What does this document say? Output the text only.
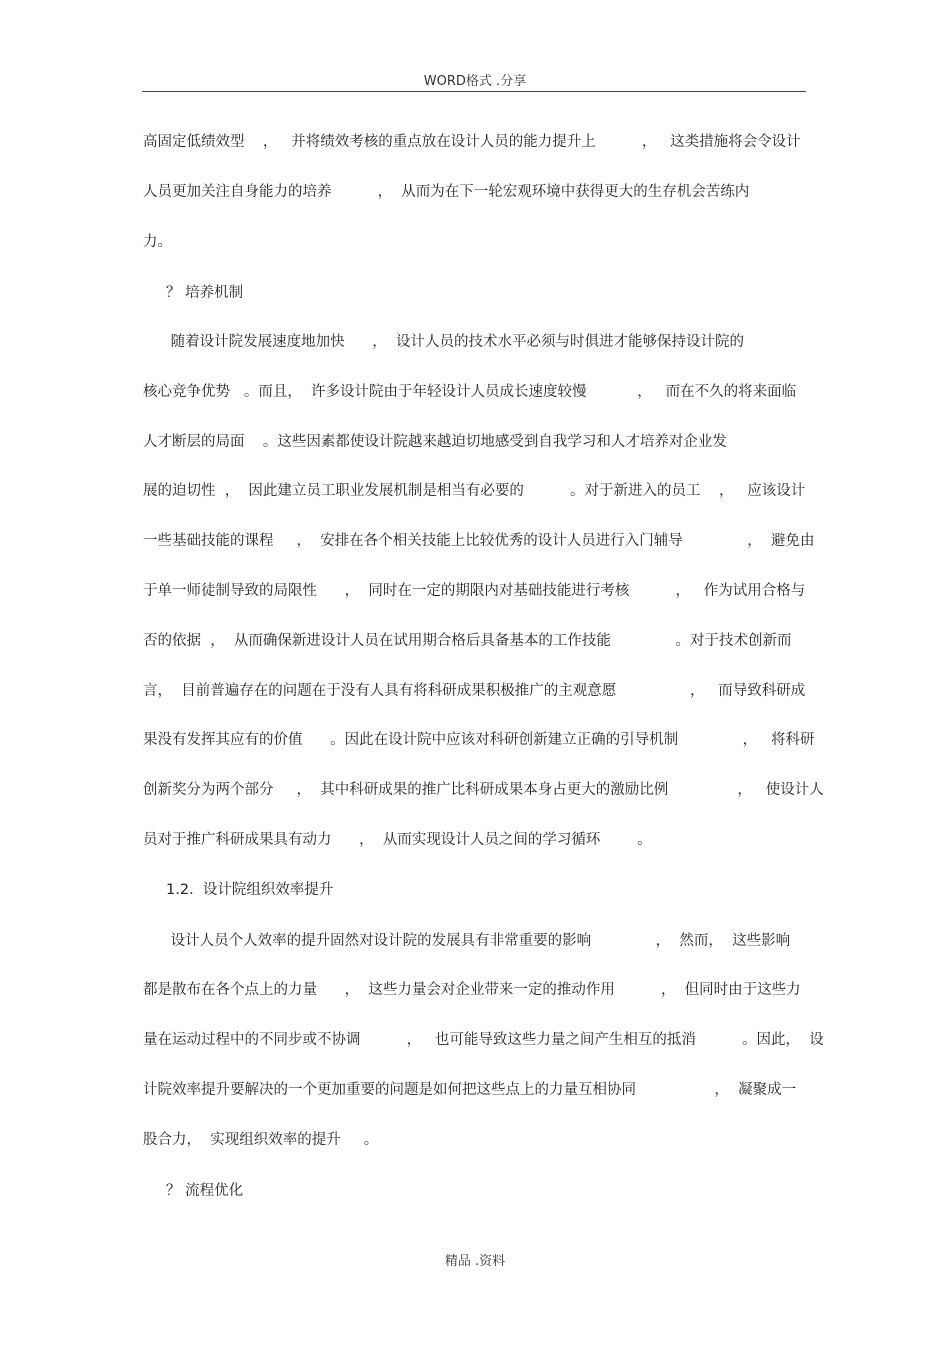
WORD格式 .分享
高固定低绩效型    ，   并将绩效考核的重点放在设计人员的能力提升上          ，   这类措施将会令设计
人员更加关注自身能力的培养          ，  从而为在下一轮宏观环境中获得更大的生存机会苦练内
力。
？ 培养机制
随着设计院发展速度地加快      ，  设计人员的技术水平必须与时俱进才能够保持设计院的
核心竞争优势   。而且，  许多设计院由于年轻设计人员成长速度较慢           ，   而在不久的将来面临
人才断层的局面    。这些因素都使设计院越来越迫切地感受到自我学习和人才培养对企业发
展的迫切性  ，  因此建立员工职业发展机制是相当有必要的          。对于新进入的员工    ，   应该设计
一些基础技能的课程     ，  安排在各个相关技能上比较优秀的设计人员进行入门辅导              ，  避免由
于单一师徒制导致的局限性      ，  同时在一定的期限内对基础技能进行考核          ，   作为试用合格与
否的依据  ，  从而确保新进设计人员在试用期合格后具备基本的工作技能              。对于技术创新而
言，  目前普遍存在的问题在于没有人具有将科研成果积极推广的主观意愿                ，   而导致科研成
果没有发挥其应有的价值      。因此在设计院中应该对科研创新建立正确的引导机制              ，   将科研
创新奖分为两个部分     ，  其中科研成果的推广比科研成果本身占更大的激励比例               ，   使设计人
员对于推广科研成果具有动力      ，  从而实现设计人员之间的学习循环        。
1.2.  设计院组织效率提升
设计人员个人效率的提升固然对设计院的发展具有非常重要的影响              ，  然而，  这些影响
都是散布在各个点上的力量      ，  这些力量会对企业带来一定的推动作用          ，  但同时由于这些力
量在运动过程中的不同步或不协调          ，   也可能导致这些力量之间产生相互的抵消          。因此，  设
计院效率提升要解决的一个更加重要的问题是如何把这些点上的力量互相协同                 ，  凝聚成一
股合力，  实现组织效率的提升     。
？ 流程优化
精品 .资料
